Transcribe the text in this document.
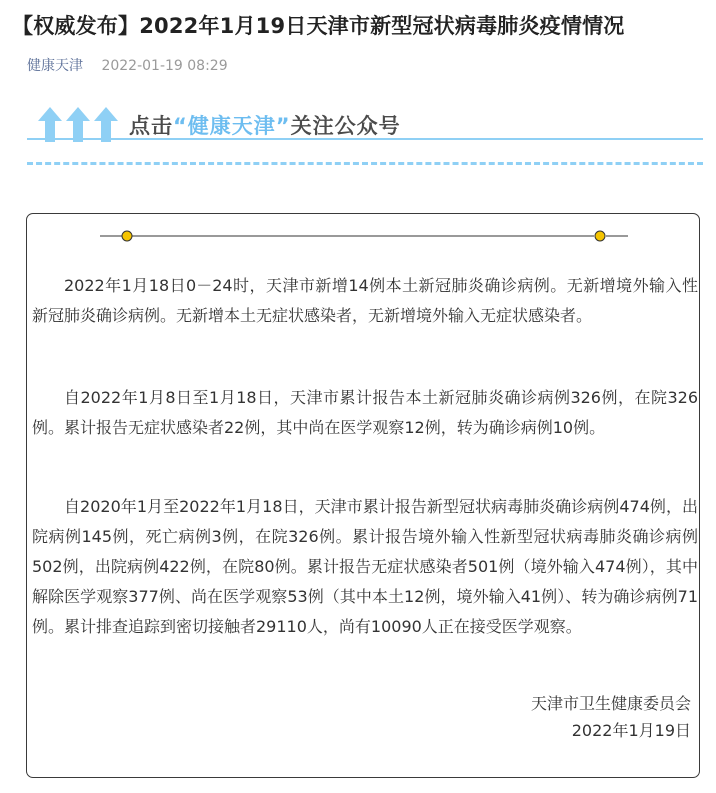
【权威发布】2022年1月19日天津市新型冠状病毒肺炎疫情情况
健康天津 2022-01-19 08:29
点击“健康天津”关注公众号

2022年1月18日0－24时，天津市新增14例本土新冠肺炎确诊病例。无新增境外输入性新冠肺炎确诊病例。无新增本土无症状感染者，无新增境外输入无症状感染者。

自2022年1月8日至1月18日，天津市累计报告本土新冠肺炎确诊病例326例，在院326例。累计报告无症状感染者22例，其中尚在医学观察12例，转为确诊病例10例。

自2020年1月至2022年1月18日，天津市累计报告新型冠状病毒肺炎确诊病例474例，出院病例145例，死亡病例3例，在院326例。累计报告境外输入性新型冠状病毒肺炎确诊病例502例，出院病例422例，在院80例。累计报告无症状感染者501例（境外输入474例），其中解除医学观察377例、尚在医学观察53例（其中本土12例，境外输入41例）、转为确诊病例71例。累计排查追踪到密切接触者29110人，尚有10090人正在接受医学观察。

天津市卫生健康委员会
2022年1月19日
